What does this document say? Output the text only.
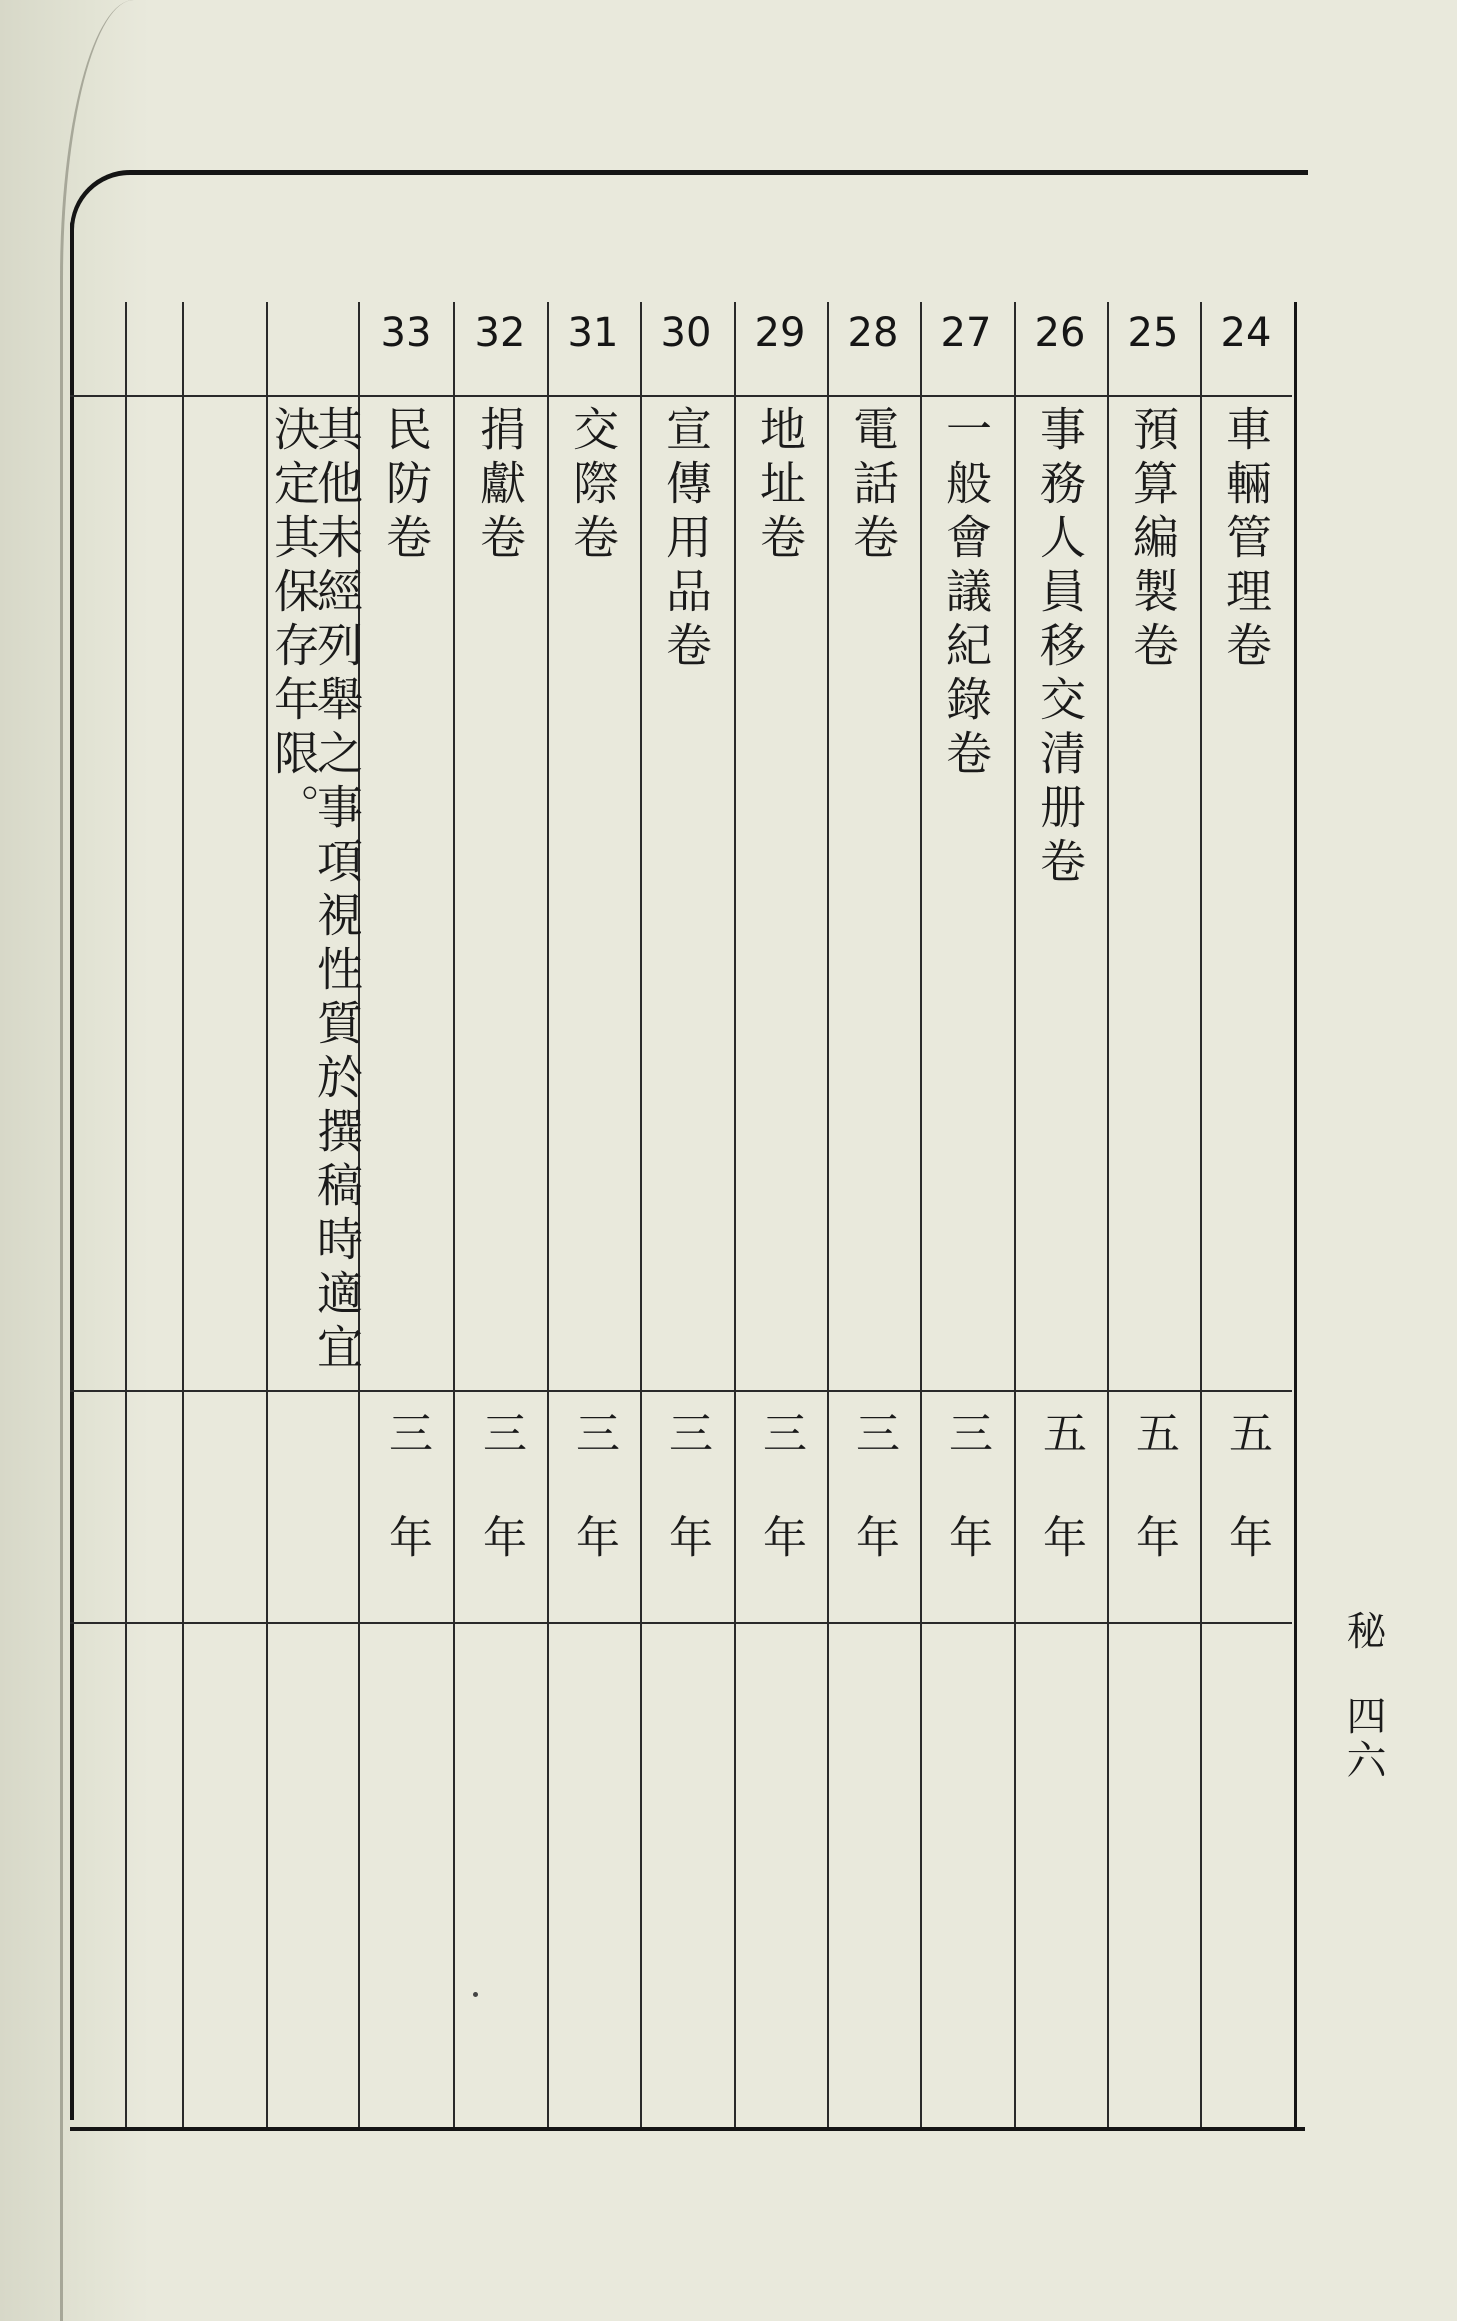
24
車輛管理卷
五年
25
預算編製卷
五年
26
事務人員移交清册卷
五年
27
一般會議紀錄卷
三年
28
電話卷
三年
29
地址卷
三年
30
宣傳用品卷
三年
31
交際卷
三年
32
捐獻卷
三年
33
民防卷
三年
其他未經列舉之事項視性質於撰稿時適宜決定其保存年限。
秘
四六
